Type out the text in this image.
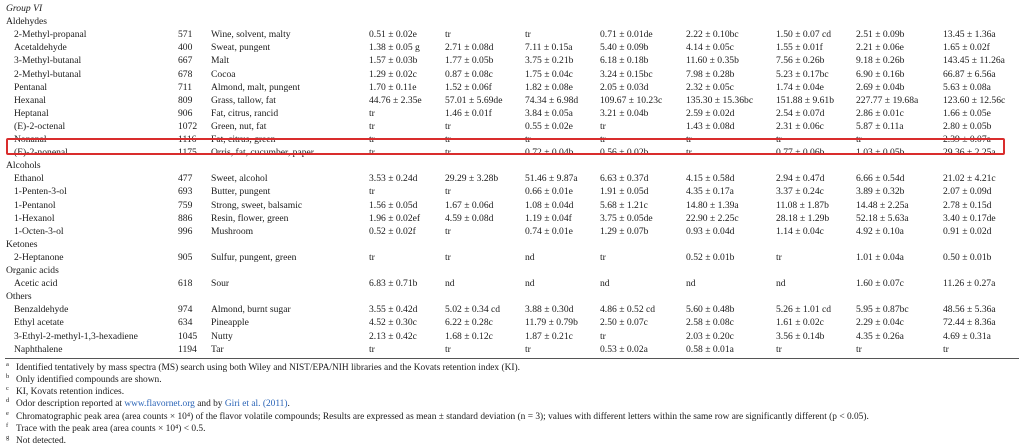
Group VI
Aldehydes
2-Methyl-propanal	571 Wine, solvent, malty	0.51 ± 0.02e	tr	tr	0.71 ± 0.01de	2.22 ± 0.10bc	1.50 ± 0.07 cd	2.51 ± 0.09b	13.45 ± 1.36a
Acetaldehyde	400 Sweat, pungent	1.38 ± 0.05 g	2.71 ± 0.08d	7.11 ± 0.15a	5.40 ± 0.09b	4.14 ± 0.05c	1.55 ± 0.01f	2.21 ± 0.06e	1.65 ± 0.02f
3-Methyl-butanal	667 Malt	1.57 ± 0.03b	1.77 ± 0.05b	3.75 ± 0.21b	6.18 ± 0.18b	11.60 ± 0.35b	7.56 ± 0.26b	9.18 ± 0.26b	143.45 ± 11.26a
2-Methyl-butanal	678 Cocoa	1.29 ± 0.02c	0.87 ± 0.08c	1.75 ± 0.04c	3.24 ± 0.15bc	7.98 ± 0.28b	5.23 ± 0.17bc	6.90 ± 0.16b	66.87 ± 6.56a
Pentanal	711 Almond, malt, pungent	1.70 ± 0.11e	1.52 ± 0.06f	1.82 ± 0.08e	2.05 ± 0.03d	2.32 ± 0.05c	1.74 ± 0.04e	2.69 ± 0.04b	5.63 ± 0.08a
Hexanal	809 Grass, tallow, fat	44.76 ± 2.35e 57.01 ± 5.69de 74.34 ± 6.98d 109.67 ± 10.23c 135.30 ± 15.36bc 151.88 ± 9.61b 227.77 ± 19.68a	123.60 ± 12.56c
Heptanal	906 Fat, citrus, rancid	tr	1.46 ± 0.01f	3.84 ± 0.05a	3.21 ± 0.04b	2.59 ± 0.02d	2.54 ± 0.07d	2.86 ± 0.01c	1.66 ± 0.05e
(E)-2-octenal	1072 Green, nut, fat	tr	tr	0.55 ± 0.02e	tr	1.43 ± 0.08d	2.31 ± 0.06c	5.87 ± 0.11a	2.80 ± 0.05b
Nonanal	1116 Fat, citrus, green	tr	tr	tr	tr	tr	tr	tr	2.39 ± 0.07a
(E)-2-nonenal	1175 Orris, fat, cucumber, paper	tr	tr	0.72 ± 0.04b	0.56 ± 0.02b	tr	0.77 ± 0.06b	1.03 ± 0.05b	29.36 ± 2.25a
Alcohols
Ethanol	477 Sweet, alcohol	3.53 ± 0.24d	29.29 ± 3.28b	51.46 ± 9.87a 6.63 ± 0.37d	4.15 ± 0.58d	2.94 ± 0.47d	6.66 ± 0.54d	21.02 ± 4.21c
1-Penten-3-ol	693 Butter, pungent	tr	tr	0.66 ± 0.01e	1.91 ± 0.05d	4.35 ± 0.17a	3.37 ± 0.24c	3.89 ± 0.32b	2.07 ± 0.09d
1-Pentanol	759 Strong, sweet, balsamic	1.56 ± 0.05d	1.67 ± 0.06d	1.08 ± 0.04d	5.68 ± 1.21c	14.80 ± 1.39a	11.08 ± 1.87b	14.48 ± 2.25a	2.78 ± 0.15d
1-Hexanol	886 Resin, flower, green	1.96 ± 0.02ef	4.59 ± 0.08d	1.19 ± 0.04f	3.75 ± 0.05de	22.90 ± 2.25c	28.18 ± 1.29b	52.18 ± 5.63a	3.40 ± 0.17de
1-Octen-3-ol	996 Mushroom	0.52 ± 0.02f	tr	0.74 ± 0.01e	1.29 ± 0.07b	0.93 ± 0.04d	1.14 ± 0.04c	4.92 ± 0.10a	0.91 ± 0.02d
Ketones
2-Heptanone	905 Sulfur, pungent, green	tr	tr	nd	tr	0.52 ± 0.01b	tr	1.01 ± 0.04a	0.50 ± 0.01b
Organic acids
Acetic acid	618 Sour	6.83 ± 0.71b	nd	nd	nd	nd	nd	1.60 ± 0.07c	11.26 ± 0.27a
Others
Benzaldehyde	974 Almond, burnt sugar	3.55 ± 0.42d	5.02 ± 0.34 cd	3.88 ± 0.30d	4.86 ± 0.52 cd	5.60 ± 0.48b	5.26 ± 1.01 cd	5.95 ± 0.87bc	48.56 ± 5.36a
Ethyl acetate	634 Pineapple	4.52 ± 0.30c	6.22 ± 0.28c	11.79 ± 0.79b 2.50 ± 0.07c	2.58 ± 0.08c	1.61 ± 0.02c	2.29 ± 0.04c	72.44 ± 8.36a
3-Ethyl-2-methyl-1,3-hexadiene	1045 Nutty	2.13 ± 0.42c	1.68 ± 0.12c	1.87 ± 0.21c	tr	2.03 ± 0.20c	3.56 ± 0.14b	4.35 ± 0.26a	4.69 ± 0.31a
Naphthalene	1194 Tar	tr	tr	tr	0.53 ± 0.02a	0.58 ± 0.01a	tr	tr	tr
$^a$ Identified tentatively by mass spectra (MS) search using both Wiley and NIST/EPA/NIH libraries and the Kovats retention index (KI).
$^b$ Only identified compounds are shown.
$^c$ KI, Kovats retention indices.
$^d$ Odor description reported at www.flavornet.org and by Giri et al. (2011).
$^e$ Chromatographic peak area (area counts × 10⁴) of the flavor volatile compounds; Results are expressed as mean ± standard deviation (n = 3); values with different letters within the same row are significantly different (p < 0.05).
$^f$ Trace with the peak area (area counts × 10⁴) < 0.5.
$^g$ Not detected.
